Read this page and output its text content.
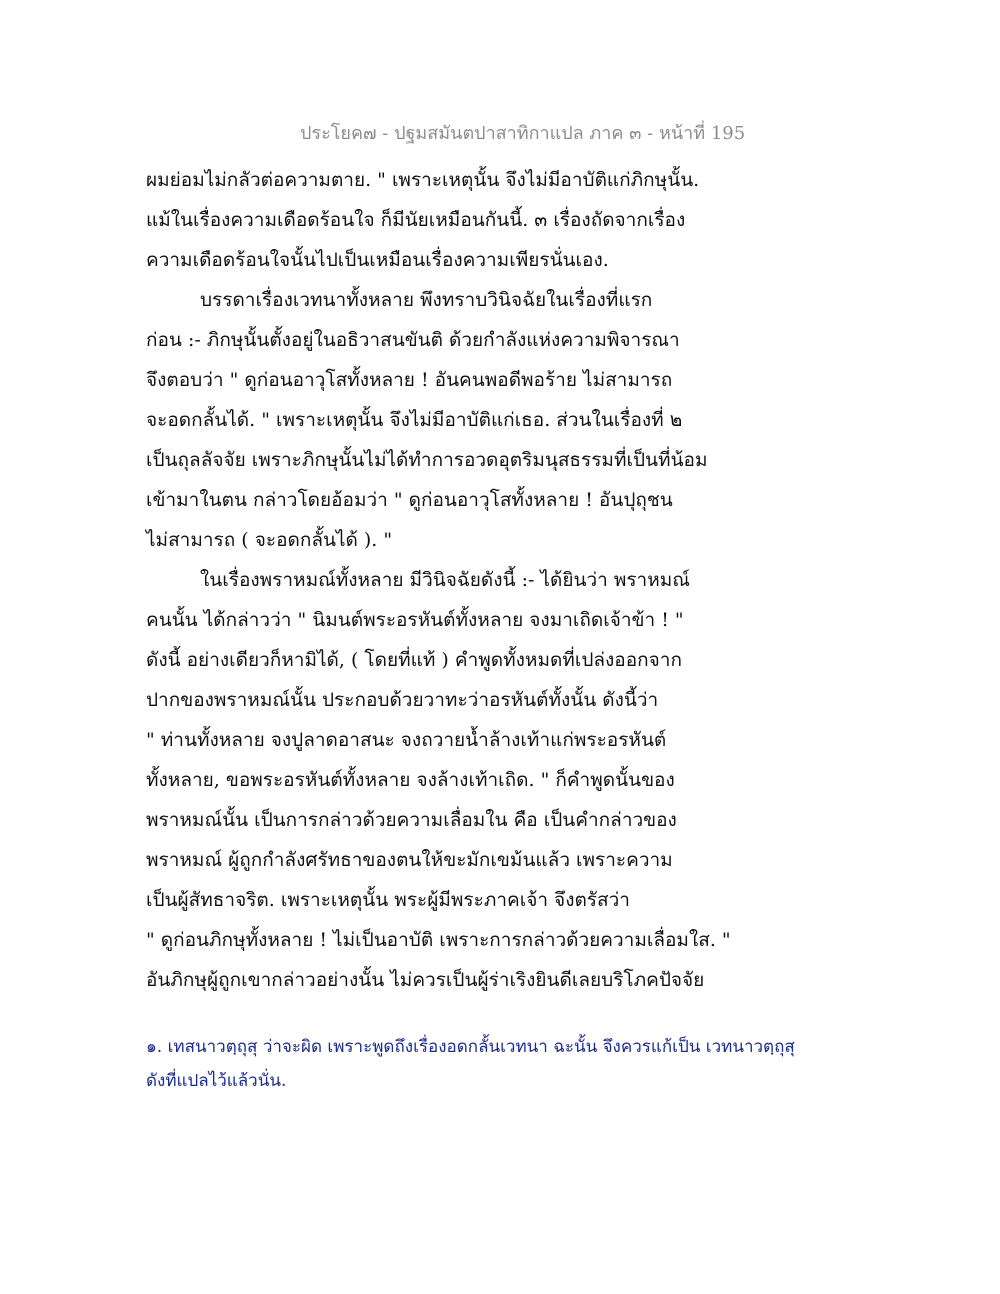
ประโยค๗ - ปฐมสมันตปาสาทิกาแปล ภาค ๓ - หน้าที่ 195
ผมย่อมไม่กลัวต่อความตาย. " เพราะเหตุนั้น จึงไม่มีอาบัติแก่ภิกษุนั้น.
แม้ในเรื่องความเดือดร้อนใจ ก็มีนัยเหมือนกันนี้. ๓ เรื่องถัดจากเรื่อง
ความเดือดร้อนใจนั้นไปเป็นเหมือนเรื่องความเพียรนั่นเอง.
บรรดาเรื่องเวทนาทั้งหลาย พึงทราบวินิจฉัยในเรื่องที่แรก
ก่อน :- ภิกษุนั้นตั้งอยู่ในอธิวาสนขันติ ด้วยกำลังแห่งความพิจารณา
จึงตอบว่า " ดูก่อนอาวุโสทั้งหลาย ! อันคนพอดีพอร้าย ไม่สามารถ
จะอดกลั้นได้. " เพราะเหตุนั้น จึงไม่มีอาบัติแก่เธอ. ส่วนในเรื่องที่ ๒
เป็นถุลลัจจัย เพราะภิกษุนั้นไม่ได้ทำการอวดอุตริมนุสธรรมที่เป็นที่น้อม
เข้ามาในตน กล่าวโดยอ้อมว่า " ดูก่อนอาวุโสทั้งหลาย ! อันปุถุชน
ไม่สามารถ ( จะอดกลั้นได้ ). "
ในเรื่องพราหมณ์ทั้งหลาย มีวินิจฉัยดังนี้ :- ได้ยินว่า พราหมณ์
คนนั้น ได้กล่าวว่า " นิมนต์พระอรหันต์ทั้งหลาย จงมาเถิดเจ้าข้า ! "
ดังนี้ อย่างเดียวก็หามิได้, ( โดยที่แท้ ) คำพูดทั้งหมดที่เปล่งออกจาก
ปากของพราหมณ์นั้น ประกอบด้วยวาทะว่าอรหันต์ทั้งนั้น ดังนี้ว่า
" ท่านทั้งหลาย จงปูลาดอาสนะ จงถวายน้ำล้างเท้าแก่พระอรหันต์
ทั้งหลาย, ขอพระอรหันต์ทั้งหลาย จงล้างเท้าเถิด. " ก็คำพูดนั้นของ
พราหมณ์นั้น เป็นการกล่าวด้วยความเลื่อมใน คือ เป็นคำกล่าวของ
พราหมณ์ ผู้ถูกกำลังศรัทธาของตนให้ขะมักเขม้นแล้ว เพราะความ
เป็นผู้สัทธาจริต. เพราะเหตุนั้น พระผู้มีพระภาคเจ้า จึงตรัสว่า
" ดูก่อนภิกษุทั้งหลาย ! ไม่เป็นอาบัติ เพราะการกล่าวด้วยความเลื่อมใส. "
อันภิกษุผู้ถูกเขากล่าวอย่างนั้น ไม่ควรเป็นผู้ร่าเริงยินดีเลยบริโภคปัจจัย
๑. เทสนาวตฺถุสุ ว่าจะผิด เพราะพูดถึงเรื่องอดกลั้นเวทนา ฉะนั้น จึงควรแก้เป็น เวทนาวตฺถุสุ
ดังที่แปลไว้แล้วนั่น.
